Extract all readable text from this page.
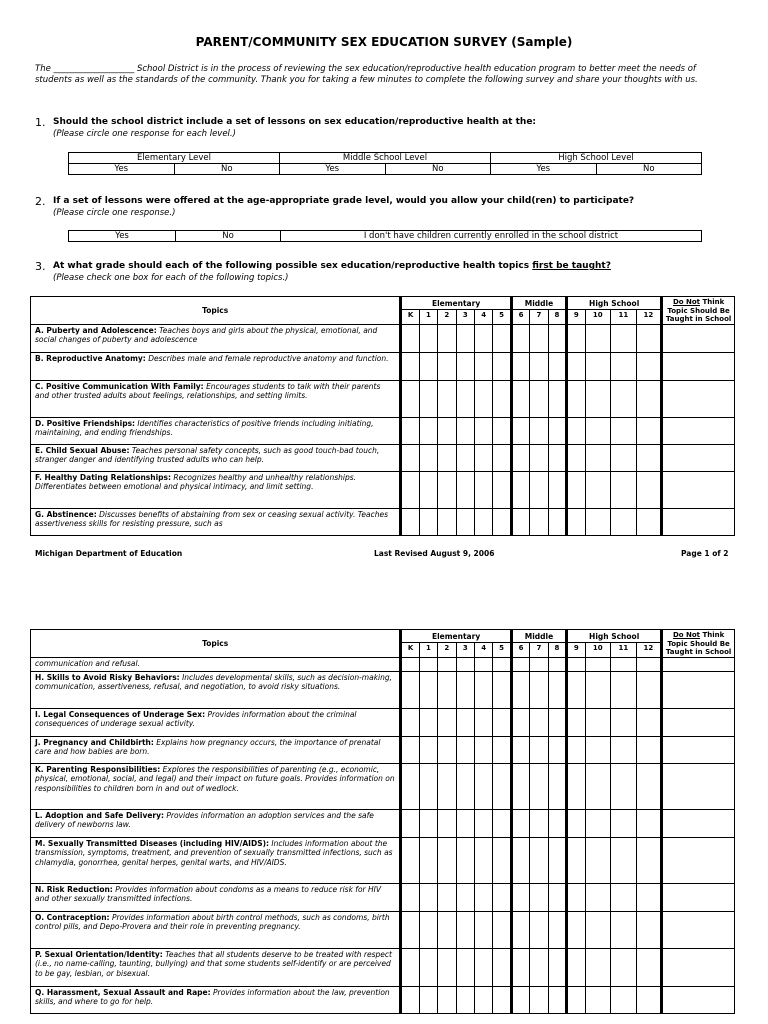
PARENT/COMMUNITY SEX EDUCATION SURVEY (Sample)
The ___________________ School District is in the process of reviewing the sex education/reproductive health education program to better meet the needs of students as well as the standards of the community. Thank you for taking a few minutes to complete the following survey and share your thoughts with us.
1. Should the school district include a set of lessons on sex education/reproductive health at the:
(Please circle one response for each level.)
Elementary Level		Middle School Level		High School Level	
Yes	No	Yes	No	Yes	No
2. If a set of lessons were offered at the age-appropriate grade level, would you allow your child(ren) to participate?
(Please circle one response.)
Yes	No	I don't have children currently enrolled in the school district
3. At what grade should each of the following possible sex education/reproductive health topics first be taught?
(Please check one box for each of the following topics.)
Topics	Elementary						Middle			High School				Do Not Think Topic Should Be Taught in School
	K	1	2	3	4	5	6	7	8	9	10	11	12	
A. Puberty and Adolescence: Teaches boys and girls about the physical, emotional, and social changes of puberty and adolescence														
B. Reproductive Anatomy: Describes male and female reproductive anatomy and function.														
C. Positive Communication With Family: Encourages students to talk with their parents and other trusted adults about feelings, relationships, and setting limits.														
D. Positive Friendships: Identifies characteristics of positive friends including initiating, maintaining, and ending friendships.														
E. Child Sexual Abuse: Teaches personal safety concepts, such as good touch-bad touch, stranger danger and identifying trusted adults who can help.														
F. Healthy Dating Relationships: Recognizes healthy and unhealthy relationships. Differentiates between emotional and physical intimacy, and limit setting.														
G. Abstinence: Discusses benefits of abstaining from sex or ceasing sexual activity. Teaches assertiveness skills for resisting pressure, such as														
Michigan Department of Education	Last Revised August 9, 2006	Page 1 of 2
Topics	Elementary						Middle			High School				Do Not Think Topic Should Be Taught in School
	K	1	2	3	4	5	6	7	8	9	10	11	12	
communication and refusal.														
H. Skills to Avoid Risky Behaviors: Includes developmental skills, such as decision-making, communication, assertiveness, refusal, and negotiation, to avoid risky situations.														
I. Legal Consequences of Underage Sex: Provides information about the criminal consequences of underage sexual activity.														
J. Pregnancy and Childbirth: Explains how pregnancy occurs, the importance of prenatal care and how babies are born.														
K. Parenting Responsibilities: Explores the responsibilities of parenting (e.g., economic, physical, emotional, social, and legal) and their impact on future goals. Provides information on responsibilities to children born in and out of wedlock.														
L. Adoption and Safe Delivery: Provides information an adoption services and the safe delivery of newborns law.														
M. Sexually Transmitted Diseases (including HIV/AIDS): Includes information about the transmission, symptoms, treatment, and prevention of sexually transmitted infections, such as chlamydia, gonorrhea, genital herpes, genital warts, and HIV/AIDS.														
N. Risk Reduction: Provides information about condoms as a means to reduce risk for HIV and other sexually transmitted infections.														
O. Contraception: Provides information about birth control methods, such as condoms, birth control pills, and Depo-Provera and their role in preventing pregnancy.														
P. Sexual Orientation/Identity: Teaches that all students deserve to be treated with respect (i.e., no name-calling, taunting, bullying) and that some students self-identify or are perceived to be gay, lesbian, or bisexual.														
Q. Harassment, Sexual Assault and Rape: Provides information about the law, prevention skills, and where to go for help.														
